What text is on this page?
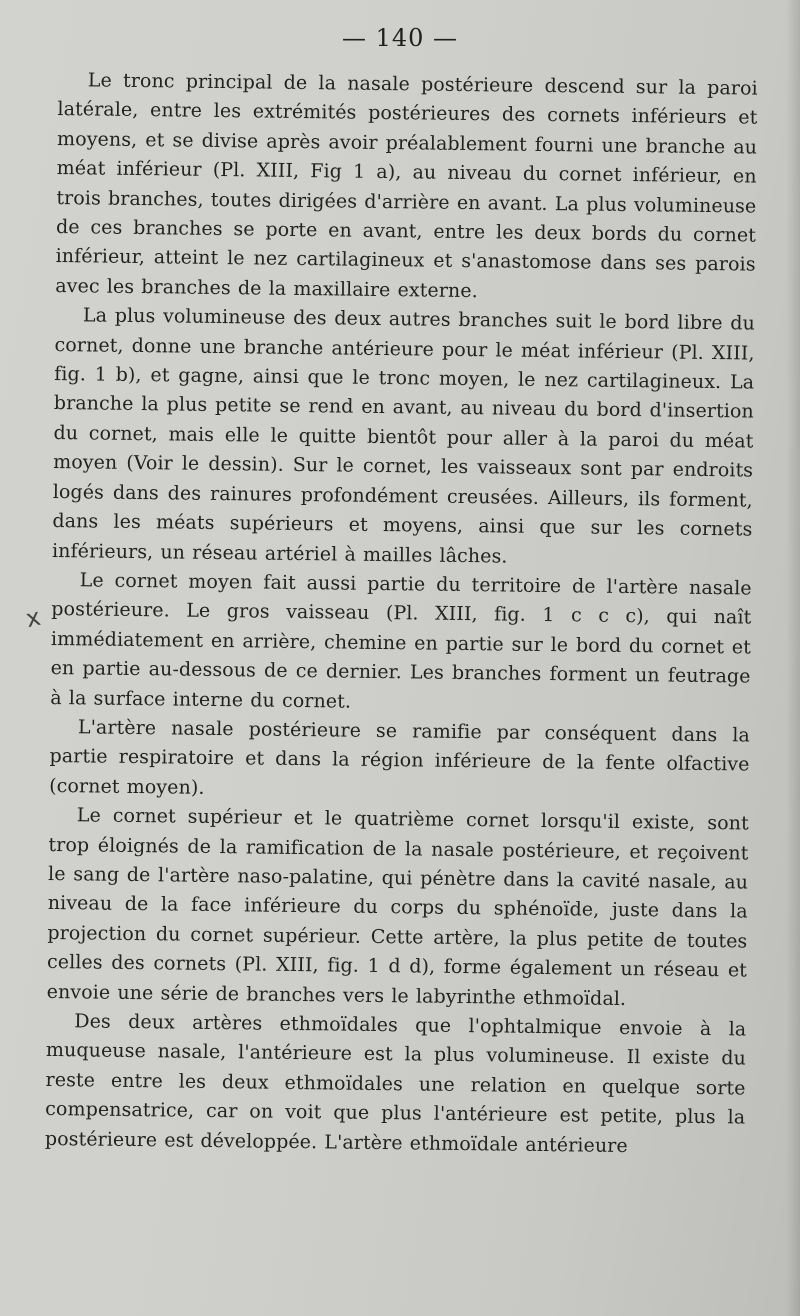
— 140 —
x

Le tronc principal de la nasale postérieure descend sur la paroi latérale, entre les extrémités postérieures des cornets inférieurs et moyens, et se divise après avoir préalablement fourni une branche au méat inférieur (Pl. XIII, Fig 1 a), au niveau du cornet inférieur, en trois branches, toutes dirigées d'arrière en avant. La plus volumineuse de ces branches se porte en avant, entre les deux bords du cornet inférieur, atteint le nez cartilagineux et s'anastomose dans ses parois avec les branches de la maxillaire externe.

La plus volumineuse des deux autres branches suit le bord libre du cornet, donne une branche antérieure pour le méat inférieur (Pl. XIII, fig. 1 b), et gagne, ainsi que le tronc moyen, le nez cartilagineux. La branche la plus petite se rend en avant, au niveau du bord d'insertion du cornet, mais elle le quitte bientôt pour aller à la paroi du méat moyen (Voir le dessin). Sur le cornet, les vaisseaux sont par endroits logés dans des rainures profondément creusées. Ailleurs, ils forment, dans les méats supérieurs et moyens, ainsi que sur les cornets inférieurs, un réseau artériel à mailles lâches.

Le cornet moyen fait aussi partie du territoire de l'artère nasale postérieure. Le gros vaisseau (Pl. XIII, fig. 1 c c c), qui naît immédiatement en arrière, chemine en partie sur le bord du cornet et en partie au-dessous de ce dernier. Les branches forment un feutrage à la surface interne du cornet.

L'artère nasale postérieure se ramifie par conséquent dans la partie respiratoire et dans la région inférieure de la fente olfactive (cornet moyen).

Le cornet supérieur et le quatrième cornet lorsqu'il existe, sont trop éloignés de la ramification de la nasale postérieure, et reçoivent le sang de l'artère naso-palatine, qui pénètre dans la cavité nasale, au niveau de la face inférieure du corps du sphénoïde, juste dans la projection du cornet supérieur. Cette artère, la plus petite de toutes celles des cornets (Pl. XIII, fig. 1 d d), forme également un réseau et envoie une série de branches vers le labyrinthe ethmoïdal.

Des deux artères ethmoïdales que l'ophtalmique envoie à la muqueuse nasale, l'antérieure est la plus volumineuse. Il existe du reste entre les deux ethmoïdales une relation en quelque sorte compensatrice, car on voit que plus l'antérieure est petite, plus la postérieure est développée. L'artère ethmoïdale antérieure
